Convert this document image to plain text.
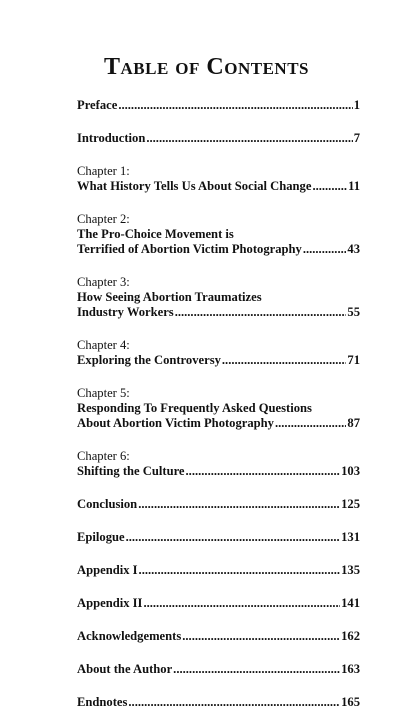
Table of Contents
Preface .....	1
Introduction .....	7
Chapter 1:
What History Tells Us About Social Change .....	11
Chapter 2:
The Pro-Choice Movement is
Terrified of Abortion Victim Photography .....	43
Chapter 3:
How Seeing Abortion Traumatizes
Industry Workers .....	55
Chapter 4:
Exploring the Controversy .....	71
Chapter 5:
Responding To Frequently Asked Questions
About Abortion Victim Photography .....	87
Chapter 6:
Shifting the Culture .....	103
Conclusion .....	125
Epilogue .....	131
Appendix I .....	135
Appendix II .....	141
Acknowledgements .....	162
About the Author .....	163
Endnotes .....	165
